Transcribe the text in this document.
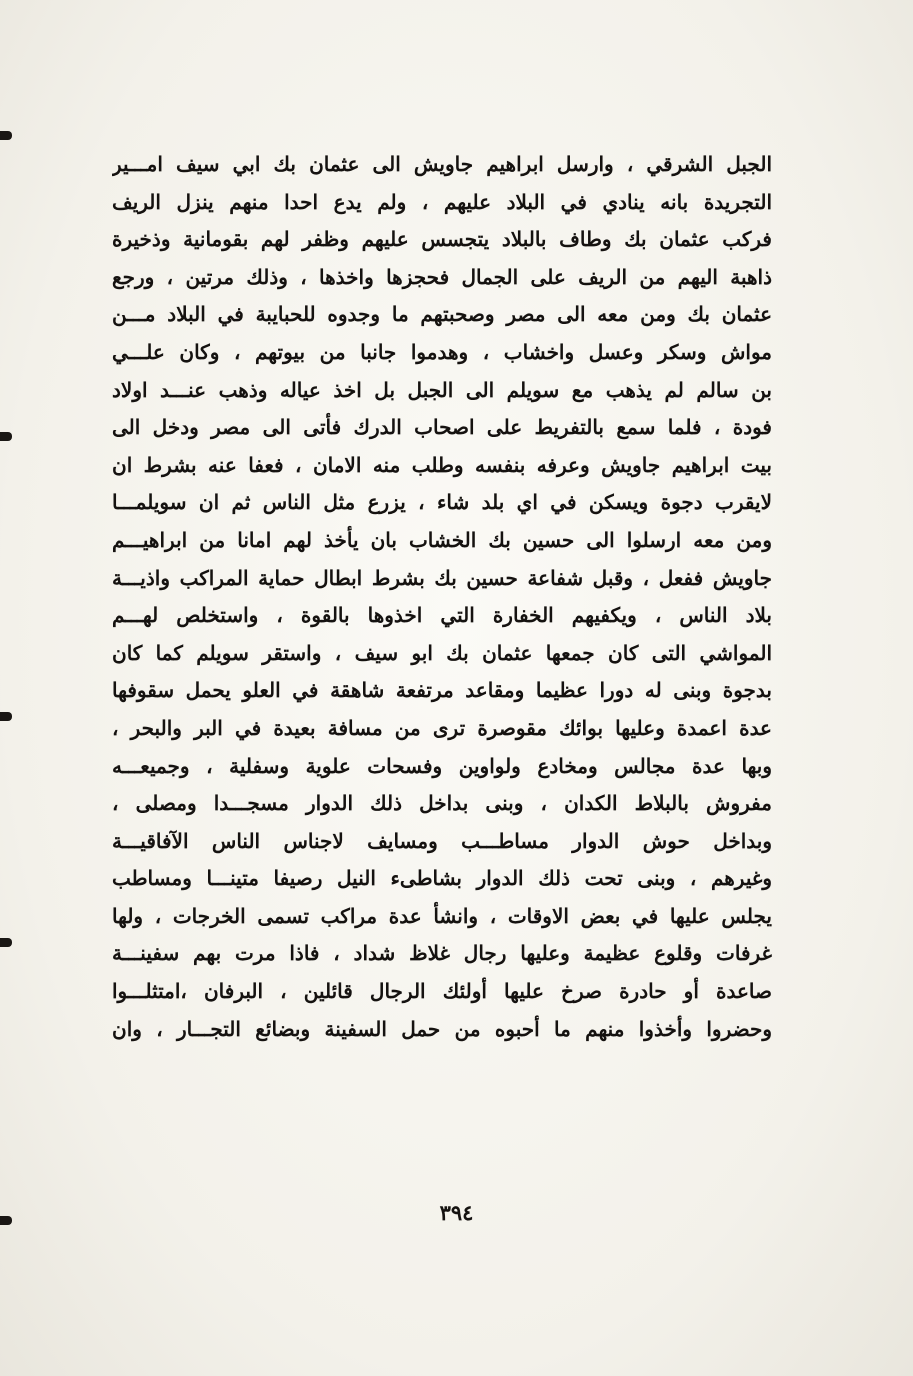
الجبل الشرقي ، وارسل ابراهيم جاويش الى عثمان بك ابي سيف امـــير
التجريدة بانه ينادي في البلاد عليهم ، ولم يدع احدا منهم ينزل الريف
فركب عثمان بك وطاف بالبلاد يتجسس عليهم وظفر لهم بقومانية وذخيرة
ذاهبة اليهم من الريف على الجمال فحجزها واخذها ، وذلك مرتين ، ورجع
عثمان بك ومن معه الى مصر وصحبتهم ما وجدوه للحبايبة في البلاد مـــن
مواش وسكر وعسل واخشاب ، وهدموا جانبا من بيوتهم ، وكان علـــي
بن سالم لم يذهب مع سويلم الى الجبل بل اخذ عياله وذهب عنـــد اولاد
فودة ، فلما سمع بالتفريط على اصحاب الدرك فأتى الى مصر ودخل الى
بيت ابراهيم جاويش وعرفه بنفسه وطلب منه الامان ، فعفا عنه بشرط ان
لايقرب دجوة ويسكن في اي بلد شاء ، يزرع مثل الناس ثم ان سويلمـــا
ومن معه ارسلوا الى حسين بك الخشاب بان يأخذ لهم امانا من ابراهيـــم
جاويش ففعل ، وقبل شفاعة حسين بك بشرط ابطال حماية المراكب واذيـــة
بلاد الناس ، ويكفيهم الخفارة التي اخذوها بالقوة ، واستخلص لهـــم
المواشي التى كان جمعها عثمان بك ابو سيف ، واستقر سويلم كما كان
بدجوة وبنى له دورا عظيما ومقاعد مرتفعة شاهقة في العلو يحمل سقوفها
عدة اعمدة وعليها بوائك مقوصرة ترى من مسافة بعيدة في البر والبحر ،
وبها عدة مجالس ومخادع ولواوين وفسحات علوية وسفلية ، وجميعـــه
مفروش بالبلاط الكدان ، وبنى بداخل ذلك الدوار مسجـــدا ومصلى ،
وبداخل حوش الدوار مساطـــب ومسايف لاجناس الناس الآفاقيـــة
وغيرهم ، وبنى تحت ذلك الدوار بشاطىء النيل رصيفا متينـــا ومساطب
يجلس عليها في بعض الاوقات ، وانشأ عدة مراكب تسمى الخرجات ، ولها
غرفات وقلوع عظيمة وعليها رجال غلاظ شداد ، فاذا مرت بهم سفينـــة
صاعدة أو حادرة صرخ عليها أولئك الرجال قائلين ، البرفان ،امتثلـــوا
وحضروا وأخذوا منهم ما أحبوه من حمل السفينة وبضائع التجـــار ، وان
٣٩٤
